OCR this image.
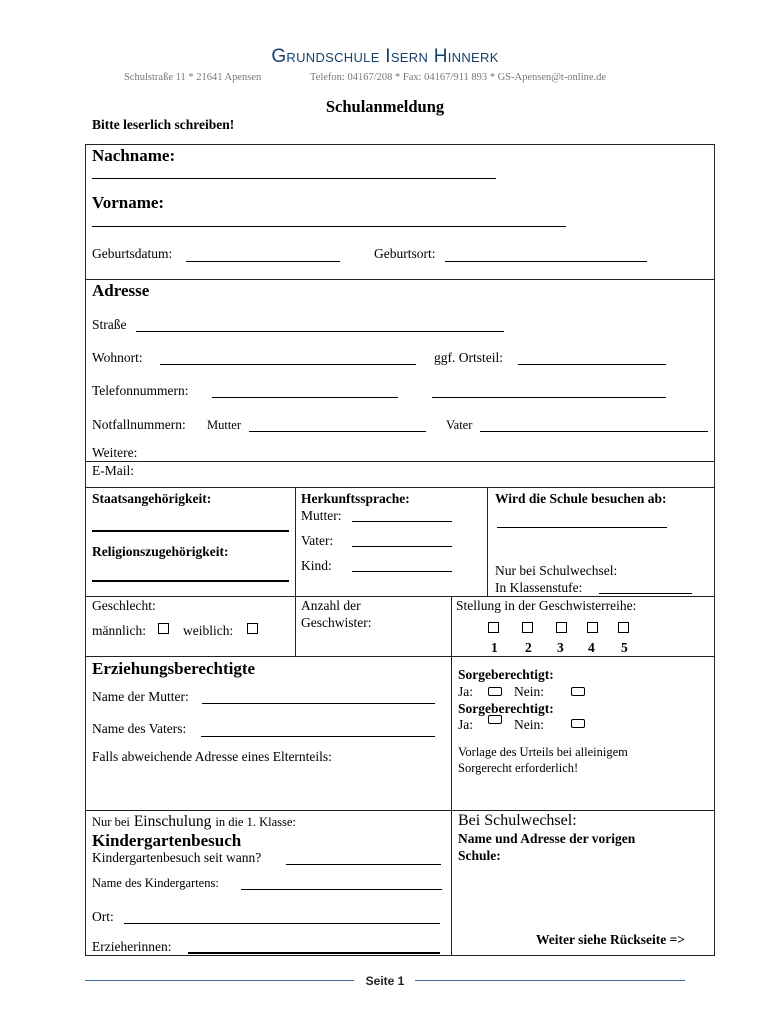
Grundschule Isern Hinnerk
Schulstraße 11 * 21641 Apensen	Telefon: 04167/208 * Fax: 04167/911 893 * GS-Apensen@t-online.de
Schulanmeldung
Bitte leserlich schreiben!
Nachname:
Vorname:
Geburtsdatum:	Geburtsort:
Adresse
Straße
Wohnort:	ggf. Ortsteil:
Telefonnummern:
Notfallnummern: Mutter	Vater
Weitere:
E-Mail:
Staatsangehörigkeit:
Religionszugehörigkeit:
Herkunftssprache:
Mutter:
Vater:
Kind:
Wird die Schule besuchen ab:
Nur bei Schulwechsel:
In Klassenstufe:
Geschlecht:
männlich:	weiblich:
Anzahl der
Geschwister:
Stellung in der Geschwisterreihe:
1 2 3 4 5
Erziehungsberechtigte
Name der Mutter:
Name des Vaters:
Falls abweichende Adresse eines Elternteils:
Sorgeberechtigt:
Ja:	Nein:
Sorgeberechtigt:
Ja:	Nein:
Vorlage des Urteils bei alleinigem
Sorgerecht erforderlich!
Nur bei Einschulung in die 1. Klasse:
Kindergartenbesuch
Kindergartenbesuch seit wann?
Name des Kindergartens:
Ort:
Erzieherinnen:
Bei Schulwechsel:
Name und Adresse der vorigen
Schule:
Weiter siehe Rückseite =>
Seite 1
